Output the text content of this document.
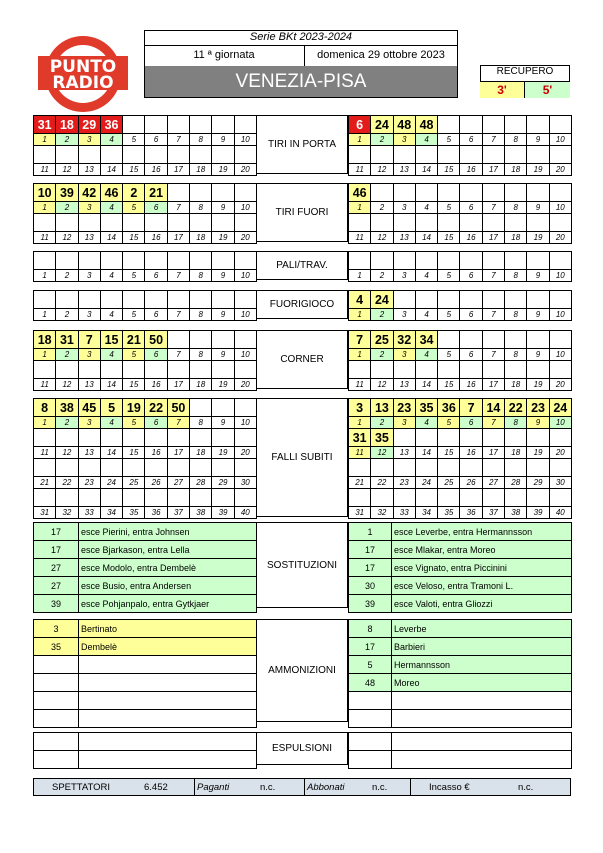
PUNTO
RADIO
Serie BKt 2023-2024
11 ª giornata	domenica 29 ottobre 2023
VENEZIA-PISA	RECUPERO
3'	5'
31	18	29	36						
1	2	3	4	5	6	7	8	9	10

11	12	13	14	15	16	17	18	19	20
6	24	48	48						
1	2	3	4	5	6	7	8	9	10

11	12	13	14	15	16	17	18	19	20
TIRI IN PORTA
10	39	42	46	2	21				
1	2	3	4	5	6	7	8	9	10

11	12	13	14	15	16	17	18	19	20
46									
1	2	3	4	5	6	7	8	9	10

11	12	13	14	15	16	17	18	19	20
TIRI FUORI

1	2	3	4	5	6	7	8	9	10
										1	2	3	4	5	6	7	8	9	10
PALI/TRAV.

1	2	3	4	5	6	7	8	9	10
4	24								
1	2	3	4	5	6	7	8	9	10
FUORIGIOCO
18	31	7	15	21	50				
1	2	3	4	5	6	7	8	9	10

11	12	13	14	15	16	17	18	19	20
7	25	32	34						
1	2	3	4	5	6	7	8	9	10

11	12	13	14	15	16	17	18	19	20
CORNER
8	38	45	5	19	22	50			
1	2	3	4	5	6	7	8	9	10

11	12	13	14	15	16	17	18	19	20

21	22	23	24	25	26	27	28	29	30

31	32	33	34	35	36	37	38	39	40
3	13	23	35	36	7	14	22	23	24
1	2	3	4	5	6	7	8	9	10
31	35								
11	12	13	14	15	16	17	18	19	20

21	22	23	24	25	26	27	28	29	30

31	32	33	34	35	36	37	38	39	40
FALLI SUBITI
SOSTITUZIONI
17	esce Pierini, entra Johnsen
17	esce Bjarkason, entra Lella
27	esce Modolo, entra Dembelè
27	esce Busio, entra Andersen
39	esce Pohjanpalo, entra Gytkjaer
1	esce Leverbe, entra Hermannsson
17	esce Mlakar, entra Moreo
17	esce Vignato, entra Piccinini
30	esce Veloso, entra Tramoni L.
39	esce Valoti, entra Gliozzi
AMMONIZIONI
3	Bertinato
35	Dembelè

8	Leverbe
17	Barbieri
5	Hermannsson
48	Moreo

ESPULSIONI

SPETTATORI	6.452	Paganti	n.c.	Abbonati	n.c.	Incasso €	n.c.
